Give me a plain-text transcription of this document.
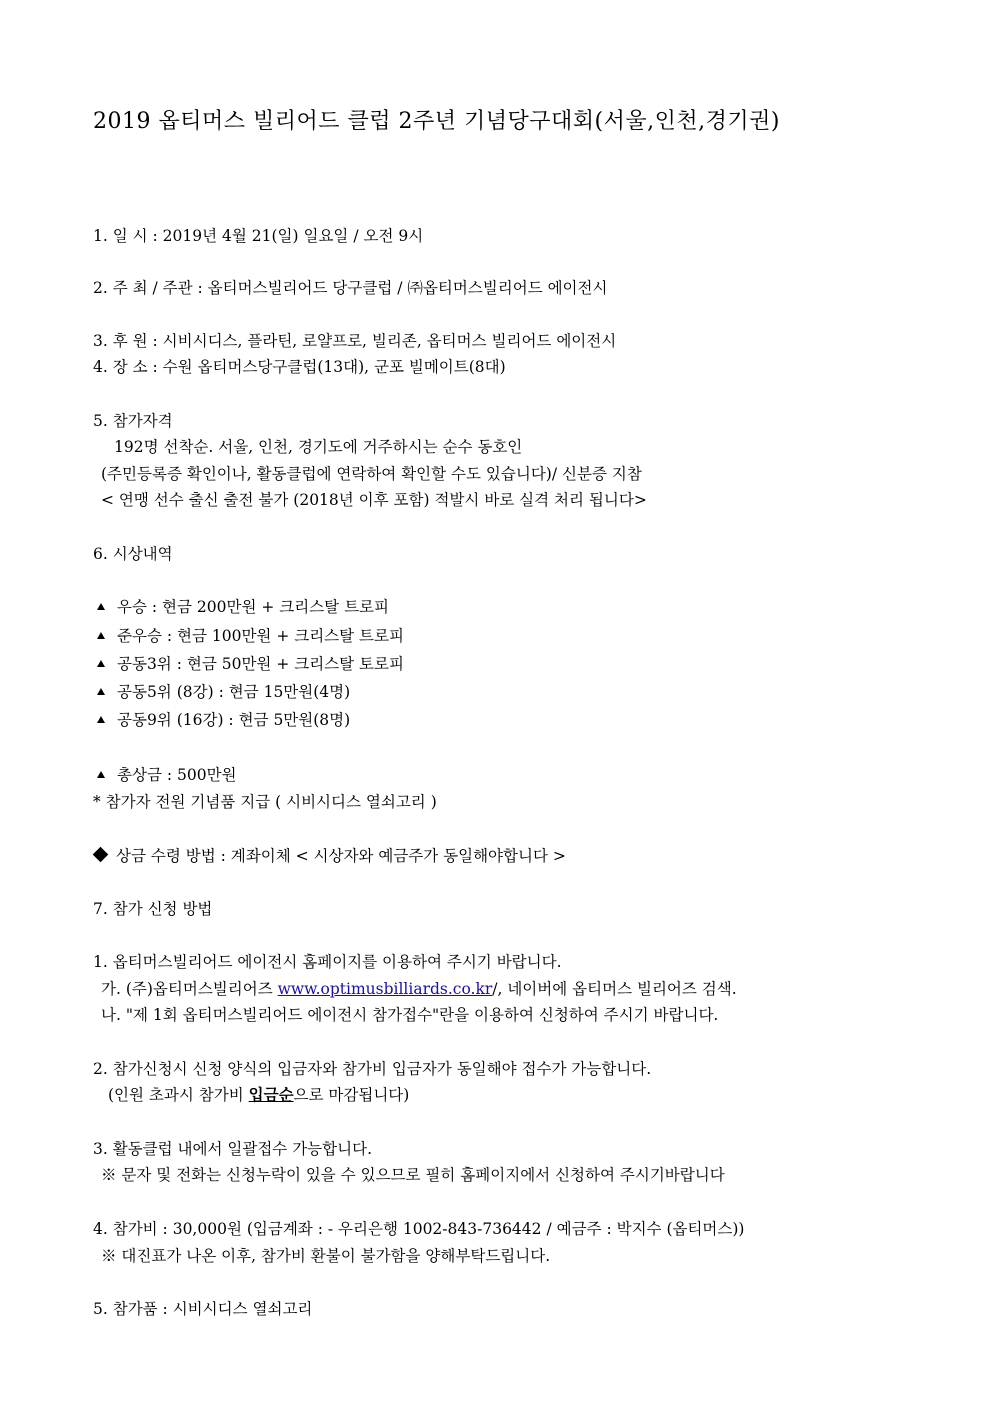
2019 옵티머스 빌리어드 클럽 2주년 기념당구대회(서울,인천,경기권)
1. 일 시 : 2019년 4월 21(일) 일요일 / 오전 9시
2. 주 최 / 주관 : 옵티머스빌리어드 당구클럽 / ㈜옵티머스빌리어드 에이전시
3. 후 원 : 시비시디스, 플라틴, 로얄프로, 빌리존, 옵티머스 빌리어드 에이전시
4. 장 소 : 수원 옵티머스당구클럽(13대), 군포 빌메이트(8대)
5. 참가자격
192명 선착순. 서울, 인천, 경기도에 거주하시는 순수 동호인
(주민등록증 확인이나, 활동클럽에 연락하여 확인할 수도 있습니다)/ 신분증 지참
< 연맹 선수 출신 출전 불가 (2018년 이후 포함) 적발시 바로 실격 처리 됩니다>
6. 시상내역
우승 : 현금 200만원 + 크리스탈 트로피
준우승 : 현금 100만원 + 크리스탈 트로피
공동3위 : 현금 50만원 + 크리스탈 토로피
공동5위 (8강) : 현금 15만원(4명)
공동9위 (16강) : 현금 5만원(8명)
총상금 : 500만원
* 참가자 전원 기념품 지급 ( 시비시디스 열쇠고리 )
상금 수령 방법 : 계좌이체 < 시상자와 예금주가 동일해야합니다 >
7. 참가 신청 방법
1. 옵티머스빌리어드 에이전시 홈페이지를 이용하여 주시기 바랍니다.
가. (주)옵티머스빌리어즈 www.optimusbilliards.co.kr/, 네이버에 옵티머스 빌리어즈 검색.
나. "제 1회 옵티머스빌리어드 에이전시 참가접수"란을 이용하여 신청하여 주시기 바랍니다.
2. 참가신청시 신청 양식의 입금자와 참가비 입금자가 동일해야 접수가 가능합니다.
(인원 초과시 참가비 입금순으로 마감됩니다)
3. 활동클럽 내에서 일괄접수 가능합니다.
※ 문자 및 전화는 신청누락이 있을 수 있으므로 필히 홈페이지에서 신청하여 주시기바랍니다
4. 참가비 : 30,000원 (입금계좌 : - 우리은행 1002-843-736442 / 예금주 : 박지수 (옵티머스))
※ 대진표가 나온 이후, 참가비 환불이 불가함을 양해부탁드립니다.
5. 참가품 : 시비시디스 열쇠고리
